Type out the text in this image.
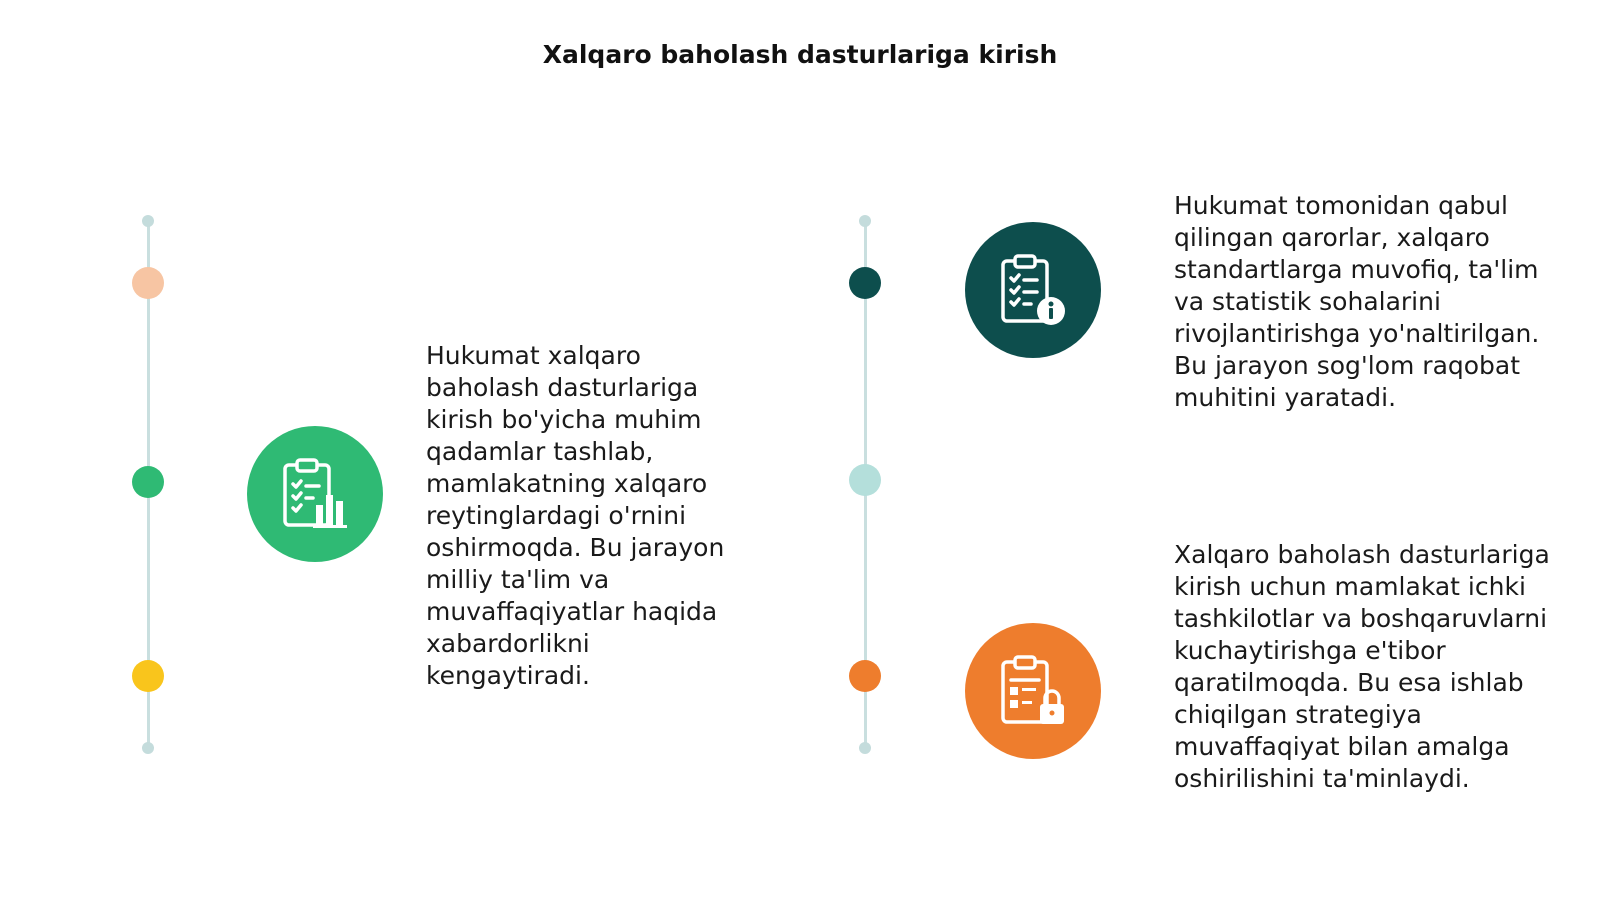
Xalqaro baholash dasturlariga kirish
Hukumat xalqaro baholash dasturlariga kirish bo'yicha muhim qadamlar tashlab, mamlakatning xalqaro reytinglardagi o'rnini oshirmoqda. Bu jarayon milliy ta'lim va muvaffaqiyatlar haqida xabardorlikni kengaytiradi.
Hukumat tomonidan qabul qilingan qarorlar, xalqaro standartlarga muvofiq, ta'lim va statistik sohalarini rivojlantirishga yo'naltirilgan. Bu jarayon sog'lom raqobat muhitini yaratadi.
Xalqaro baholash dasturlariga kirish uchun mamlakat ichki tashkilotlar va boshqaruvlarni kuchaytirishga e'tibor qaratilmoqda. Bu esa ishlab chiqilgan strategiya muvaffaqiyat bilan amalga oshirilishini ta'minlaydi.
